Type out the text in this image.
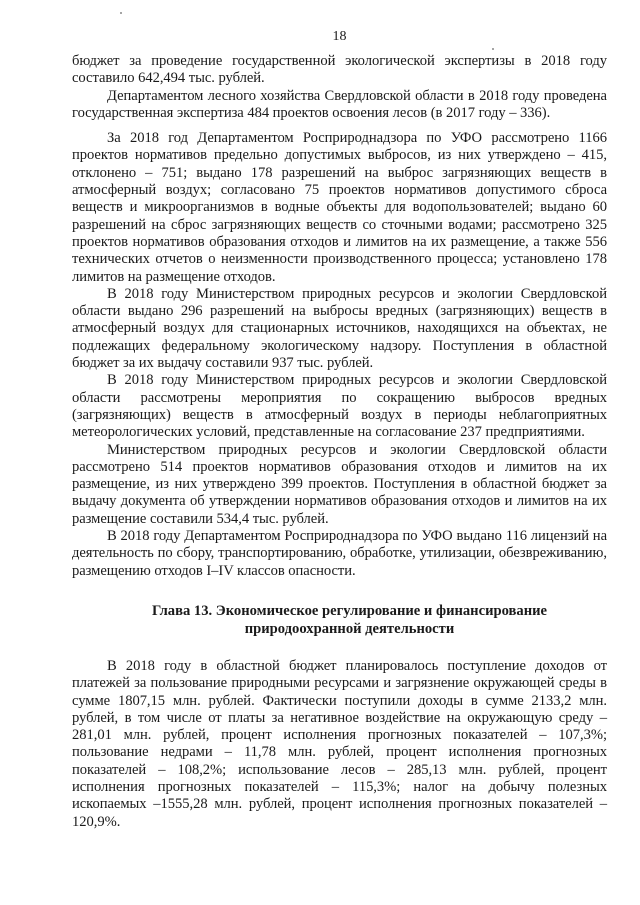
18

бюджет за проведение государственной экологической экспертизы в 2018 году составило 642,494 тыс. рублей.

Департаментом лесного хозяйства Свердловской области в 2018 году проведена государственная экспертиза 484 проектов освоения лесов (в 2017 году – 336).

За 2018 год Департаментом Росприроднадзора по УФО рассмотрено 1166 проектов нормативов предельно допустимых выбросов, из них утверждено – 415, отклонено – 751; выдано 178 разрешений на выброс загрязняющих веществ в атмосферный воздух; согласовано 75 проектов нормативов допустимого сброса веществ и микроорганизмов в водные объекты для водопользователей; выдано 60 разрешений на сброс загрязняющих веществ со сточными водами; рассмотрено 325 проектов нормативов образования отходов и лимитов на их размещение, а также 556 технических отчетов о неизменности производственного процесса; установлено 178 лимитов на размещение отходов.

В 2018 году Министерством природных ресурсов и экологии Свердловской области выдано 296 разрешений на выбросы вредных (загрязняющих) веществ в атмосферный воздух для стационарных источников, находящихся на объектах, не подлежащих федеральному экологическому надзору. Поступления в областной бюджет за их выдачу составили 937 тыс. рублей.

В 2018 году Министерством природных ресурсов и экологии Свердловской области рассмотрены мероприятия по сокращению выбросов вредных (загрязняющих) веществ в атмосферный воздух в периоды неблагоприятных метеорологических условий, представленные на согласование 237 предприятиями.

Министерством природных ресурсов и экологии Свердловской области рассмотрено 514 проектов нормативов образования отходов и лимитов на их размещение, из них утверждено 399 проектов. Поступления в областной бюджет за выдачу документа об утверждении нормативов образования отходов и лимитов на их размещение составили 534,4 тыс. рублей.

В 2018 году Департаментом Росприроднадзора по УФО выдано 116 лицензий на деятельность по сбору, транспортированию, обработке, утилизации, обезвреживанию, размещению отходов I–IV классов опасности.

Глава 13. Экономическое регулирование и финансирование
природоохранной деятельности

В 2018 году в областной бюджет планировалось поступление доходов от платежей за пользование природными ресурсами и загрязнение окружающей среды в сумме 1807,15 млн. рублей. Фактически поступили доходы в сумме 2133,2 млн. рублей, в том числе от платы за негативное воздействие на окружающую среду – 281,01 млн. рублей, процент исполнения прогнозных показателей – 107,3%; пользование недрами – 11,78 млн. рублей, процент исполнения прогнозных показателей – 108,2%; использование лесов – 285,13 млн. рублей, процент исполнения прогнозных показателей – 115,3%; налог на добычу полезных ископаемых –1555,28 млн. рублей, процент исполнения прогнозных показателей – 120,9%.
